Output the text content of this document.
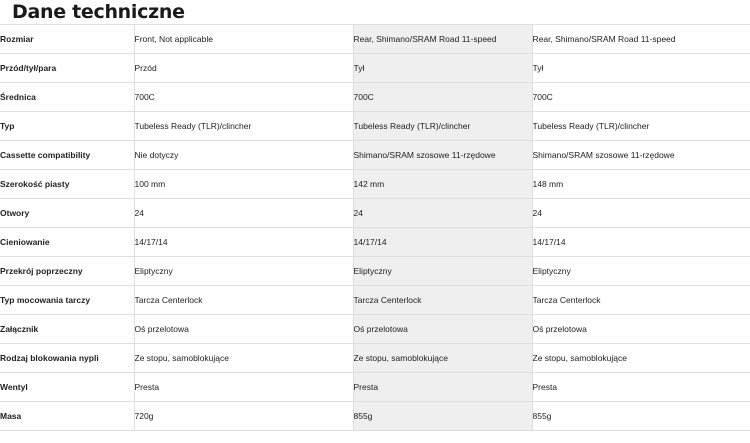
Dane techniczne
Rozmiar	Front, Not applicable	Rear, Shimano/SRAM Road 11-speed	Rear, Shimano/SRAM Road 11-speed
Przód/tył/para	Przód	Tył	Tył
Średnica	700C	700C	700C
Typ	Tubeless Ready (TLR)/clincher	Tubeless Ready (TLR)/clincher	Tubeless Ready (TLR)/clincher
Cassette compatibility	Nie dotyczy	Shimano/SRAM szosowe 11-rzędowe	Shimano/SRAM szosowe 11-rzędowe
Szerokość piasty	100 mm	142 mm	148 mm
Otwory	24	24	24
Cieniowanie	14/17/14	14/17/14	14/17/14
Przekrój poprzeczny	Eliptyczny	Eliptyczny	Eliptyczny
Typ mocowania tarczy	Tarcza Centerlock	Tarcza Centerlock	Tarcza Centerlock
Załącznik	Oś przelotowa	Oś przelotowa	Oś przelotowa
Rodzaj blokowania nypli	Ze stopu, samoblokujące	Ze stopu, samoblokujące	Ze stopu, samoblokujące
Wentyl	Presta	Presta	Presta
Masa	720g	855g	855g
